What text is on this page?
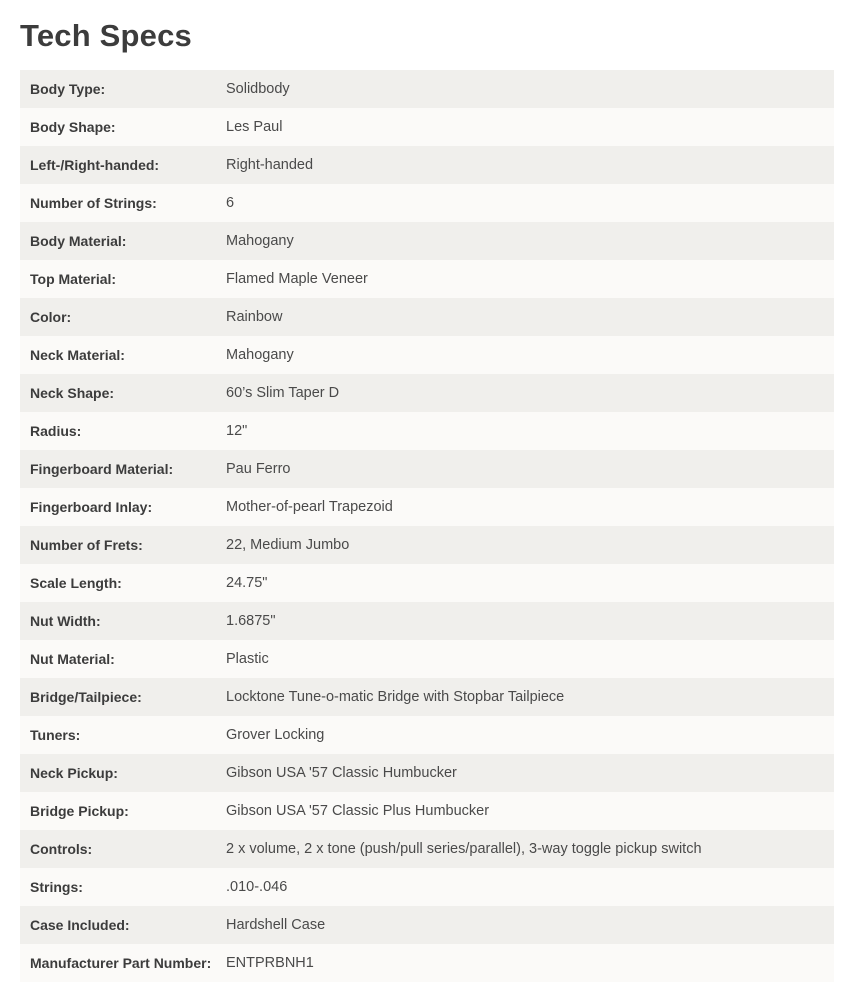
Tech Specs
Body Type:	Solidbody
Body Shape:	Les Paul
Left-/Right-handed:	Right-handed
Number of Strings:	6
Body Material:	Mahogany
Top Material:	Flamed Maple Veneer
Color:	Rainbow
Neck Material:	Mahogany
Neck Shape:	60’s Slim Taper D
Radius:	12"
Fingerboard Material:	Pau Ferro
Fingerboard Inlay:	Mother-of-pearl Trapezoid
Number of Frets:	22, Medium Jumbo
Scale Length:	24.75"
Nut Width:	1.6875"
Nut Material:	Plastic
Bridge/Tailpiece:	Locktone Tune-o-matic Bridge with Stopbar Tailpiece
Tuners:	Grover Locking
Neck Pickup:	Gibson USA '57 Classic Humbucker
Bridge Pickup:	Gibson USA '57 Classic Plus Humbucker
Controls:	2 x volume, 2 x tone (push/pull series/parallel), 3-way toggle pickup switch
Strings:	.010-.046
Case Included:	Hardshell Case
Manufacturer Part Number:	ENTPRBNH1
